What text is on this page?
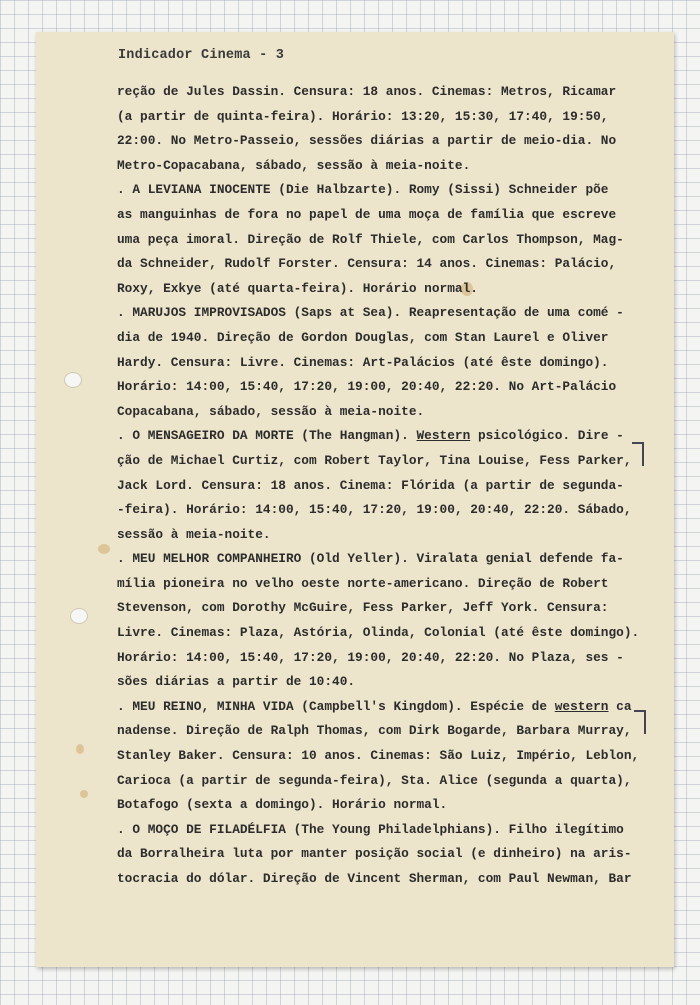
Indicador Cinema - 3
reção de Jules Dassin. Censura: 18 anos. Cinemas: Metros, Ricamar
(a partir de quinta-feira). Horário: 13:20, 15:30, 17:40, 19:50,
22:00. No Metro-Passeio, sessões diárias a partir de meio-dia. No
Metro-Copacabana, sábado, sessão à meia-noite.
. A LEVIANA INOCENTE (Die Halbzarte). Romy (Sissi) Schneider põe
as manguinhas de fora no papel de uma moça de família que escreve
uma peça imoral. Direção de Rolf Thiele, com Carlos Thompson, Mag-
da Schneider, Rudolf Forster. Censura: 14 anos. Cinemas: Palácio,
Roxy, Exkye (até quarta-feira). Horário normal.
. MARUJOS IMPROVISADOS (Saps at Sea). Reapresentação de uma comé -
dia de 1940. Direção de Gordon Douglas, com Stan Laurel e Oliver
Hardy. Censura: Livre. Cinemas: Art-Palácios (até êste domingo).
Horário: 14:00, 15:40, 17:20, 19:00, 20:40, 22:20. No Art-Palácio
Copacabana, sábado, sessão à meia-noite.
. O MENSAGEIRO DA MORTE (The Hangman). Western psicológico. Dire -
ção de Michael Curtiz, com Robert Taylor, Tina Louise, Fess Parker,
Jack Lord. Censura: 18 anos. Cinema: Flórida (a partir de segunda-
-feira). Horário: 14:00, 15:40, 17:20, 19:00, 20:40, 22:20. Sábado,
sessão à meia-noite.
. MEU MELHOR COMPANHEIRO (Old Yeller). Viralata genial defende fa-
mília pioneira no velho oeste norte-americano. Direção de Robert
Stevenson, com Dorothy McGuire, Fess Parker, Jeff York. Censura:
Livre. Cinemas: Plaza, Astória, Olinda, Colonial (até êste domingo).
Horário: 14:00, 15:40, 17:20, 19:00, 20:40, 22:20. No Plaza, ses -
sões diárias a partir de 10:40.
. MEU REINO, MINHA VIDA (Campbell's Kingdom). Espécie de western ca
nadense. Direção de Ralph Thomas, com Dirk Bogarde, Barbara Murray,
Stanley Baker. Censura: 10 anos. Cinemas: São Luiz, Império, Leblon,
Carioca (a partir de segunda-feira), Sta. Alice (segunda a quarta),
Botafogo (sexta a domingo). Horário normal.
. O MOÇO DE FILADÉLFIA (The Young Philadelphians). Filho ilegítimo
da Borralheira luta por manter posição social (e dinheiro) na aris-
tocracia do dólar. Direção de Vincent Sherman, com Paul Newman, Bar
